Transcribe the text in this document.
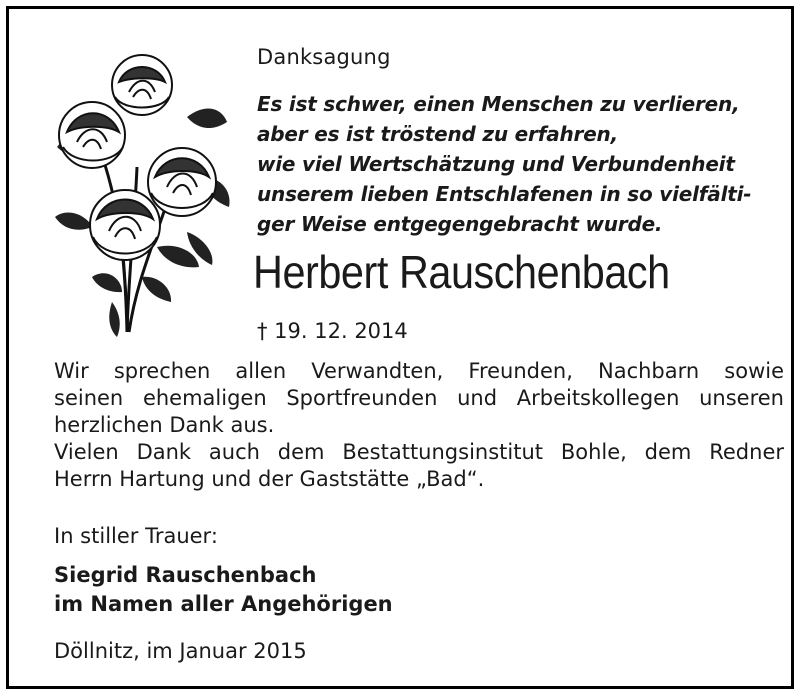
Danksagung
Es ist schwer, einen Menschen zu verlieren,
aber es ist tröstend zu erfahren,
wie viel Wertschätzung und Verbundenheit
unserem lieben Entschlafenen in so vielfälti-
ger Weise entgegengebracht wurde.
Herbert Rauschenbach
† 19. 12. 2014
Wir sprechen allen Verwandten, Freunden, Nachbarn sowie
seinen ehemaligen Sportfreunden und Arbeitskollegen unseren
herzlichen Dank aus.
Vielen Dank auch dem Bestattungsinstitut Bohle, dem Redner
Herrn Hartung und der Gaststätte „Bad“.
In stiller Trauer:
Siegrid Rauschenbach
im Namen aller Angehörigen
Döllnitz, im Januar 2015
